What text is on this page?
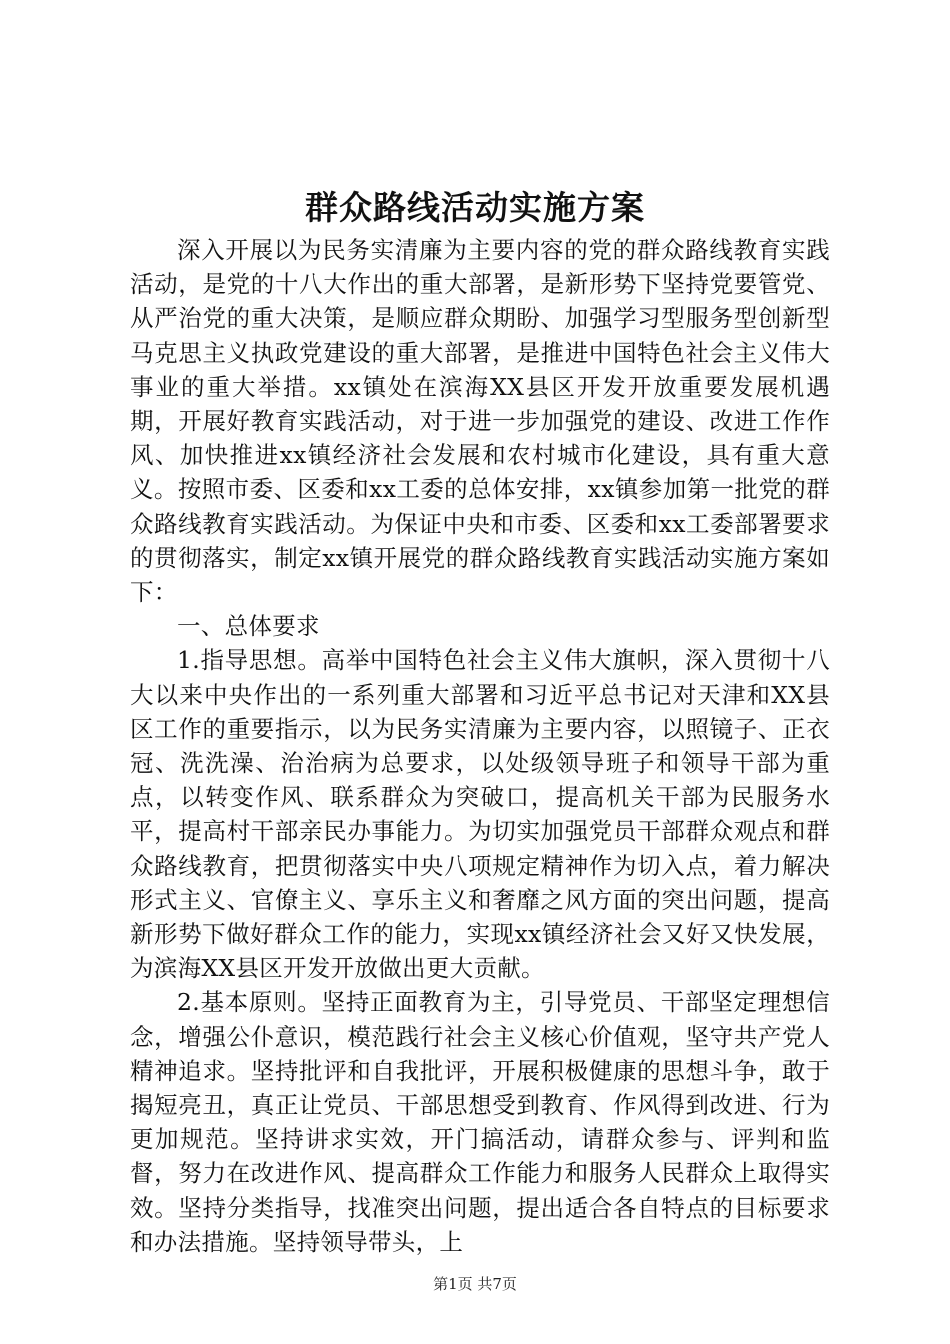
群众路线活动实施方案

深入开展以为民务实清廉为主要内容的党的群众路线教育实践活动，是党的十八大作出的重大部署，是新形势下坚持党要管党、从严治党的重大决策，是顺应群众期盼、加强学习型服务型创新型马克思主义执政党建设的重大部署，是推进中国特色社会主义伟大事业的重大举措。xx镇处在滨海XX县区开发开放重要发展机遇期，开展好教育实践活动，对于进一步加强党的建设、改进工作作风、加快推进xx镇经济社会发展和农村城市化建设，具有重大意义。按照市委、区委和xx工委的总体安排，xx镇参加第一批党的群众路线教育实践活动。为保证中央和市委、区委和xx工委部署要求的贯彻落实，制定xx镇开展党的群众路线教育实践活动实施方案如下：

一、总体要求

1.指导思想。高举中国特色社会主义伟大旗帜，深入贯彻十八大以来中央作出的一系列重大部署和习近平总书记对天津和XX县区工作的重要指示，以为民务实清廉为主要内容，以照镜子、正衣冠、洗洗澡、治治病为总要求，以处级领导班子和领导干部为重点，以转变作风、联系群众为突破口，提高机关干部为民服务水平，提高村干部亲民办事能力。为切实加强党员干部群众观点和群众路线教育，把贯彻落实中央八项规定精神作为切入点，着力解决形式主义、官僚主义、享乐主义和奢靡之风方面的突出问题，提高新形势下做好群众工作的能力，实现xx镇经济社会又好又快发展，为滨海XX县区开发开放做出更大贡献。

2.基本原则。坚持正面教育为主，引导党员、干部坚定理想信念，增强公仆意识，模范践行社会主义核心价值观，坚守共产党人精神追求。坚持批评和自我批评，开展积极健康的思想斗争，敢于揭短亮丑，真正让党员、干部思想受到教育、作风得到改进、行为更加规范。坚持讲求实效，开门搞活动，请群众参与、评判和监督，努力在改进作风、提高群众工作能力和服务人民群众上取得实效。坚持分类指导，找准突出问题，提出适合各自特点的目标要求和办法措施。坚持领导带头，上

第1页 共7页
